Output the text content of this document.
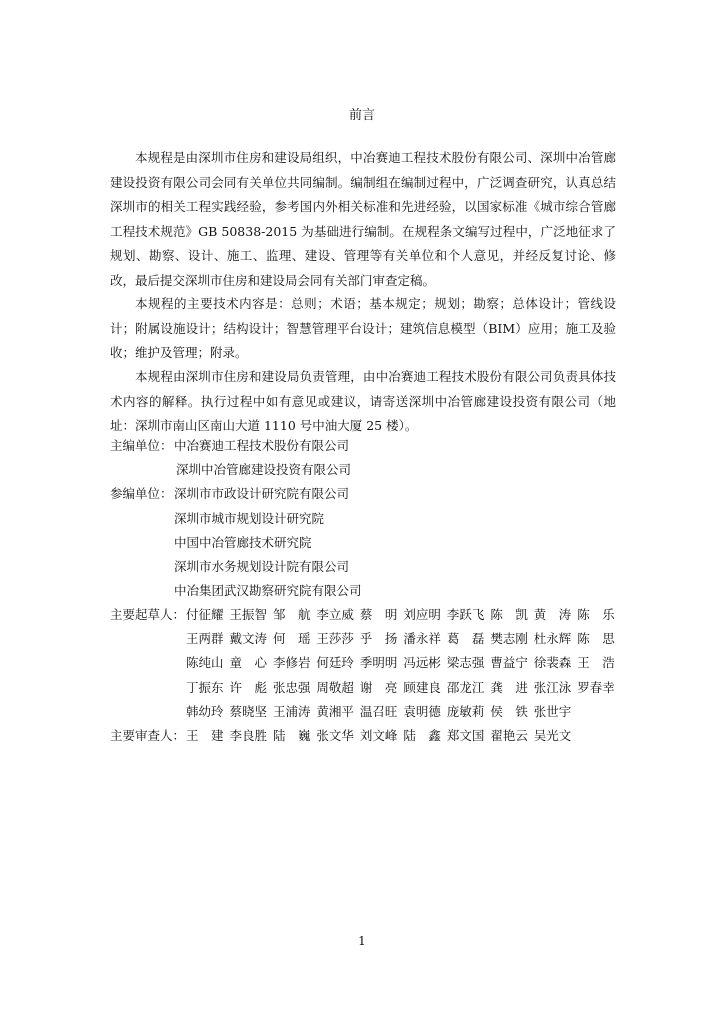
前言

本规程是由深圳市住房和建设局组织，中冶赛迪工程技术股份有限公司、深圳中冶管廊建设投资有限公司会同有关单位共同编制。编制组在编制过程中，广泛调查研究，认真总结深圳市的相关工程实践经验，参考国内外相关标准和先进经验，以国家标准《城市综合管廊工程技术规范》GB 50838-2015 为基础进行编制。在规程条文编写过程中，广泛地征求了规划、勘察、设计、施工、监理、建设、管理等有关单位和个人意见，并经反复讨论、修改，最后提交深圳市住房和建设局会同有关部门审查定稿。

本规程的主要技术内容是：总则；术语；基本规定；规划；勘察；总体设计；管线设计；附属设施设计；结构设计；智慧管理平台设计；建筑信息模型（BIM）应用；施工及验收；维护及管理；附录。

本规程由深圳市住房和建设局负责管理，由中冶赛迪工程技术股份有限公司负责具体技术内容的解释。执行过程中如有意见或建议，请寄送深圳中冶管廊建设投资有限公司（地址：深圳市南山区南山大道 1110 号中油大厦 25 楼）。

主编单位：中冶赛迪工程技术股份有限公司
深圳中冶管廊建设投资有限公司
参编单位：深圳市市政设计研究院有限公司
深圳市城市规划设计研究院
中国中冶管廊技术研究院
深圳市水务规划设计院有限公司
中冶集团武汉勘察研究院有限公司
主要起草人：付征耀 王振智 邹　航 李立威 蔡　明 刘应明 李跃飞 陈　凯 黄　涛 陈　乐
王两群 戴文涛 何　瑶 王莎莎 乎　扬 潘永祥 葛　磊 樊志刚 杜永辉 陈　思
陈纯山 童　心 李修岩 何廷玲 季明明 冯远彬 梁志强 曹益宁 徐裴森 王　浩
丁振东 许　彪 张忠强 周敬超 谢　亮 顾建良 邵龙江 龚　进 张江泳 罗春幸
韩幼玲 蔡晓坚 王浦涛 黄湘平 温召旺 袁明德 庞敏莉 侯　铁 张世宇
主要审查人：王　建 李良胜 陆　巍 张文华 刘文峰 陆　鑫 郑文国 翟艳云 吴光文
1
